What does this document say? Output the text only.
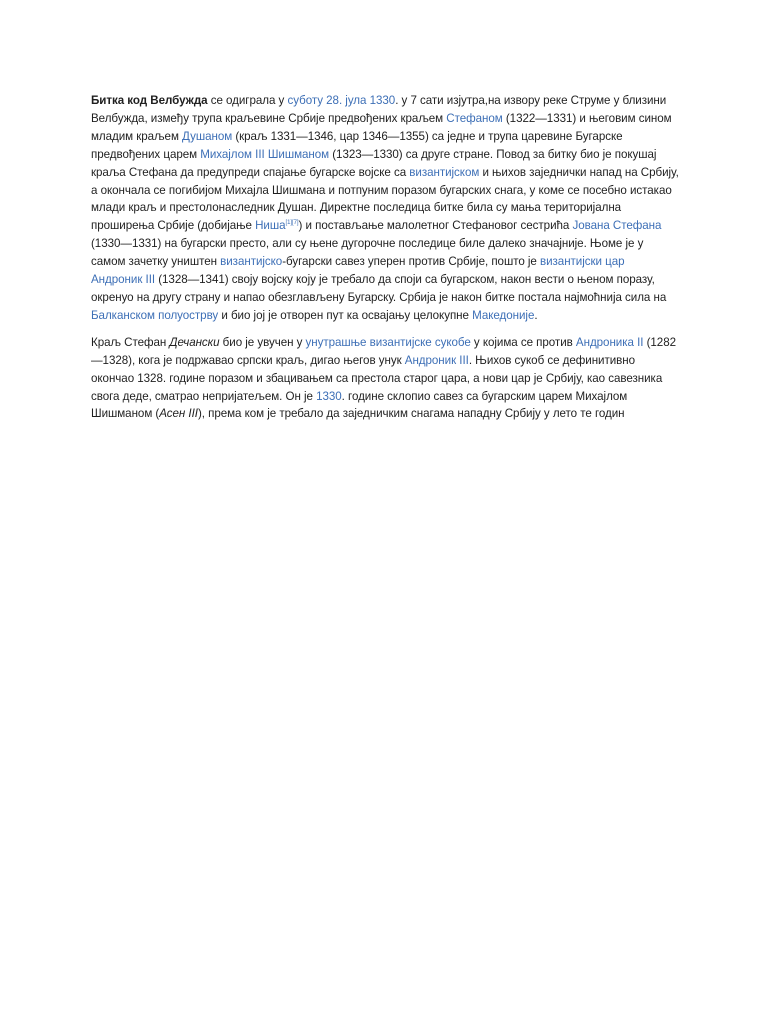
Битка код Велбужда се одиграла у суботу 28. јула 1330. у 7 сати изјутра,на извору реке Струме у близини Велбужда, између трупа краљевине Србије предвођених краљем Стефаном (1322—1331) и његовим сином младим краљем Душаном (краљ 1331—1346, цар 1346—1355) са једне и трупа царевине Бугарске предвођених царем Михајлом III Шишманом (1323—1330) са друге стране. Повод за битку био је покушај краља Стефана да предупреди спајање бугарске војске са византијском и њихов заједнички напад на Србију, а окончала се погибијом Михајла Шишмана и потпуним поразом бугарских снага, у коме се посебно истакао млади краљ и престолонаследник Душан. Директне последица битке била су мања територијална проширења Србије (добијање Ниша[1][7]) и постављање малолетног Стефановог сестрића Јована Стефана (1330—1331) на бугарски престо, али су њене дугорочне последице биле далеко значајније. Њоме је у самом зачетку уништен византијско-бугарски савез уперен против Србије, пошто је византијски цар Андроник III (1328—1341) своју војску коју је требало да споји са бугарском, након вести о њеном поразу, окренуо на другу страну и напао обезглављену Бугарску. Србија је након битке постала најмоћнија сила на Балканском полуострву и био јој је отворен пут ка освајању целокупне Македоније.

Краљ Стефан Дечански био је увучен у унутрашње византијске сукобе у којима се против Андроника II (1282—1328), кога је подржавао српски краљ, дигао његов унук Андроник III. Њихов сукоб се дефинитивно окончао 1328. године поразом и збацивањем са престола старог цара, а нови цар је Србију, као савезника свога деде, сматрао непријатељем. Он је 1330. године склопио савез са бугарским царем Михајлом Шишманом (Асен III), према ком је требало да заједничким снагама нападну Србију у лето те годин
